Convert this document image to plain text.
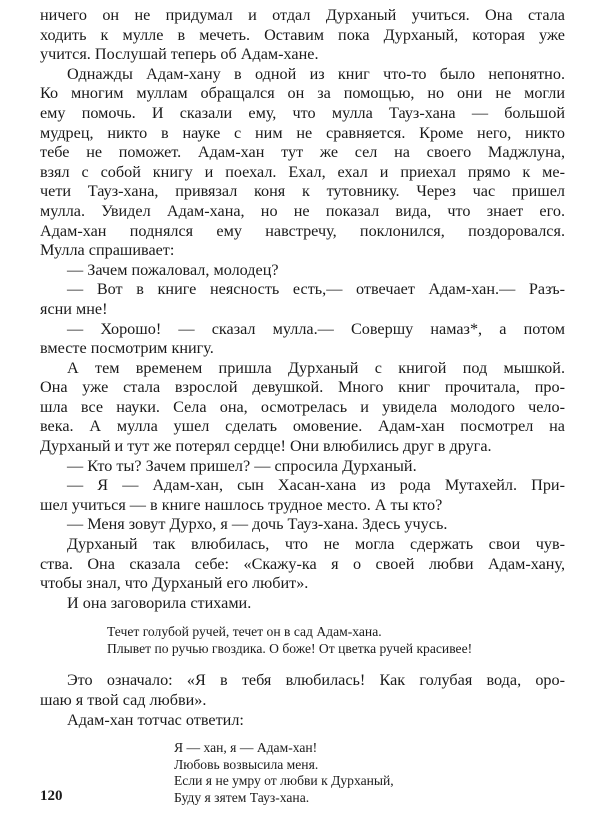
ничего он не придумал и отдал Дурханый учиться. Она стала
ходить к мулле в мечеть. Оставим пока Дурханый, которая уже
учится. Послушай теперь об Адам-хане.
Однажды Адам-хану в одной из книг что-то было непонятно.
Ко многим муллам обращался он за помощью, но они не могли
ему помочь. И сказали ему, что мулла Тауз-хана — большой
мудрец, никто в науке с ним не сравняется. Кроме него, никто
тебе не поможет. Адам-хан тут же сел на своего Маджлуна,
взял с собой книгу и поехал. Ехал, ехал и приехал прямо к ме-
чети Тауз-хана, привязал коня к тутовнику. Через час пришел
мулла. Увидел Адам-хана, но не показал вида, что знает его.
Адам-хан поднялся ему навстречу, поклонился, поздоровался.
Мулла спрашивает:
— Зачем пожаловал, молодец?
— Вот в книге неясность есть,— отвечает Адам-хан.— Разъ-
ясни мне!
— Хорошо! — сказал мулла.— Совершу намаз*, а потом
вместе посмотрим книгу.
А тем временем пришла Дурханый с книгой под мышкой.
Она уже стала взрослой девушкой. Много книг прочитала, про-
шла все науки. Села она, осмотрелась и увидела молодого чело-
века. А мулла ушел сделать омовение. Адам-хан посмотрел на
Дурханый и тут же потерял сердце! Они влюбились друг в друга.
— Кто ты? Зачем пришел? — спросила Дурханый.
— Я — Адам-хан, сын Хасан-хана из рода Мутахейл. При-
шел учиться — в книге нашлось трудное место. А ты кто?
— Меня зовут Дурхо, я — дочь Тауз-хана. Здесь учусь.
Дурханый так влюбилась, что не могла сдержать свои чув-
ства. Она сказала себе: «Скажу-ка я о своей любви Адам-хану,
чтобы знал, что Дурханый его любит».
И она заговорила стихами.
Течет голубой ручей, течет он в сад Адам-хана.
Плывет по ручью гвоздика. О боже! От цветка ручей красивее!
Это означало: «Я в тебя влюбилась! Как голубая вода, оро-
шаю я твой сад любви».
Адам-хан тотчас ответил:
Я — хан, я — Адам-хан!
Любовь возвысила меня.
Если я не умру от любви к Дурханый,
Буду я зятем Тауз-хана.
120
